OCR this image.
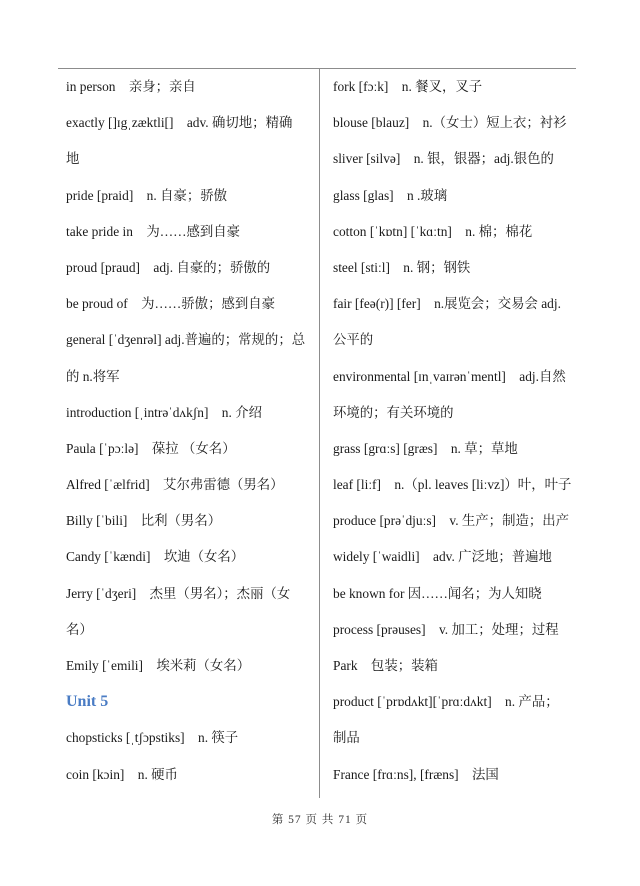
in person　亲身；亲自
exactly []ɪgˌzæktli[]　adv. 确切地；精确
地
pride [praid]　n. 自豪；骄傲
take pride in　为……感到自豪
proud [praud]　adj. 自豪的；骄傲的
be proud of　为……骄傲；感到自豪
general [ˈdʒenrəl] adj.普遍的；常规的；总
的 n.将军
introduction [ˌintrəˈdʌkʃn]　n. 介绍
Paula [ˈpɔːlə]　葆拉 （女名）
Alfred [ˈælfrid]　艾尔弗雷德（男名）
Billy [ˈbili]　比利（男名）
Candy [ˈkændi]　坎迪（女名）
Jerry [ˈdʒeri]　杰里（男名）；杰丽（女
名）
Emily [ˈemili]　埃米莉（女名）
Unit 5
chopsticks [ˌtʃɔpstiks]　n. 筷子
coin [kɔin]　n. 硬币
fork [fɔːk]　n. 餐叉，叉子
blouse [blauz]　n.（女士）短上衣；衬衫
sliver [silvə]　n. 银，银器；adj.银色的
glass [glas]　n .玻璃
cotton [ˈkɒtn] [ˈkɑːtn]　n. 棉；棉花
steel [stiːl]　n. 钢；钢铁
fair [feə(r)] [fer]　n.展览会；交易会 adj.
公平的
environmental [ɪnˌvaɪrənˈmentl]　adj.自然
环境的；有关环境的
grass [grɑːs] [græs]　n. 草；草地
leaf [liːf]　n.（pl. leaves [liːvz]）叶，叶子
produce [prəˈdjuːs]　v. 生产；制造；出产
widely [ˈwaidli]　adv. 广泛地；普遍地
be known for 因……闻名；为人知晓
process [prəuses]　v. 加工；处理；过程
Park　包装；装箱
product [ˈprɒdʌkt][ˈprɑːdʌkt]　n. 产品；
制品
France [frɑːns], [fræns]　法国
第 57 页 共 71 页
